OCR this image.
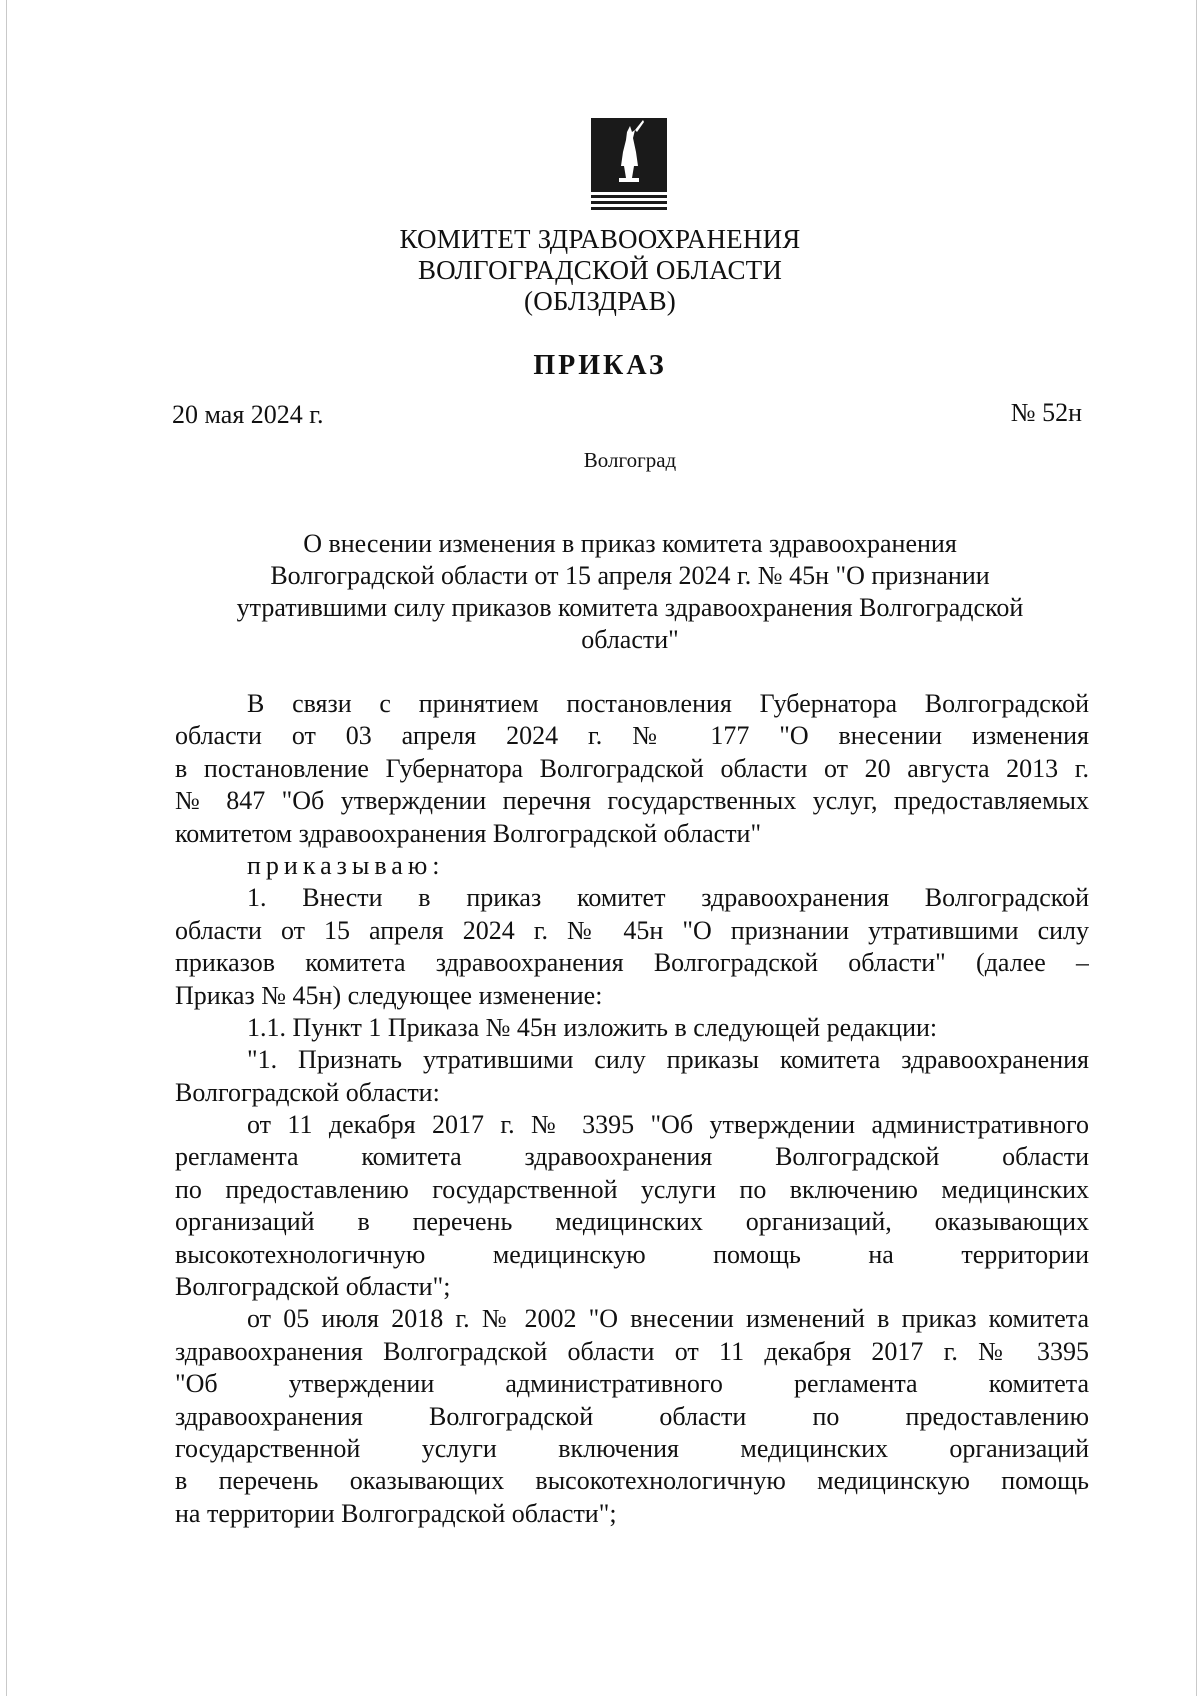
КОМИТЕТ ЗДРАВООХРАНЕНИЯ
ВОЛГОГРАДСКОЙ ОБЛАСТИ
(ОБЛЗДРАВ)
ПРИКАЗ
20 мая 2024 г.	№ 52н
Волгоград
О внесении изменения в приказ комитета здравоохранения
Волгоградской области от 15 апреля 2024 г. № 45н "О признании
утратившими силу приказов комитета здравоохранения Волгоградской
области"
В связи с принятием постановления Губернатора Волгоградской
области от 03 апреля 2024 г. № 177 "О внесении изменения
в постановление Губернатора Волгоградской области от 20 августа 2013 г.
№ 847 "Об утверждении перечня государственных услуг, предоставляемых
комитетом здравоохранения Волгоградской области"
приказываю:
1. Внести в приказ комитет здравоохранения Волгоградской
области от 15 апреля 2024 г. № 45н "О признании утратившими силу
приказов комитета здравоохранения Волгоградской области" (далее –
Приказ № 45н) следующее изменение:
1.1. Пункт 1 Приказа № 45н изложить в следующей редакции:
"1. Признать утратившими силу приказы комитета здравоохранения
Волгоградской области:
от 11 декабря 2017 г. № 3395 "Об утверждении административного
регламента комитета здравоохранения Волгоградской области
по предоставлению государственной услуги по включению медицинских
организаций в перечень медицинских организаций, оказывающих
высокотехнологичную медицинскую помощь на территории
Волгоградской области";
от 05 июля 2018 г. № 2002 "О внесении изменений в приказ комитета
здравоохранения Волгоградской области от 11 декабря 2017 г. № 3395
"Об утверждении административного регламента комитета
здравоохранения Волгоградской области по предоставлению
государственной услуги включения медицинских организаций
в перечень оказывающих высокотехнологичную медицинскую помощь
на территории Волгоградской области";
